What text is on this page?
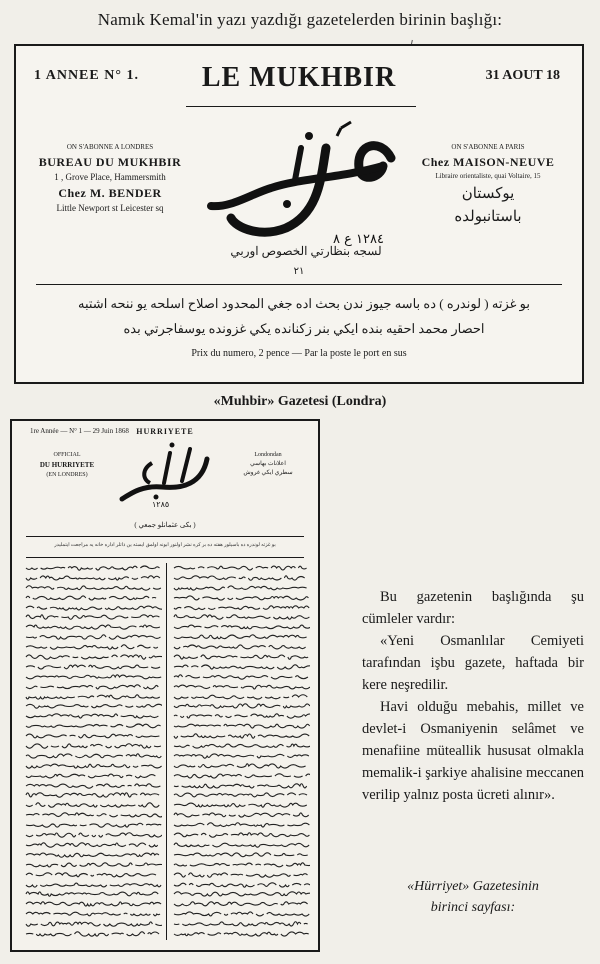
Namık Kemal'in yazı yazdığı gazetelerden birinin başlığı:
1 ANNEE N° 1.	LE MUKHBIR	31 AOUT 18
ON S'ABONNE A LONDRES
BUREAU DU MUKHBIR
1 , Grove Place, Hammersmith
Chez M. BENDER
Little Newport st Leicester sq
ON S'ABONNE A PARIS
Chez MAISON-NEUVE
Libraire orientaliste, quai Voltaire, 15
يوكستان
باستانبولده
١٢٨٤ ع ٨
لسجه بنظارتي الخصوص اوربي
٢١
بو غزته ( لوندره ) ده باسه جيوز ندن بحث اده جغي المحدود اصلاح اسلحه يو ننحه اشتبه
احصار محمد احقيه بنده ايكي بنر زكنانده يكي غزونده يوسفاجرتي بده
Prix du numero, 2 pence — Par la poste le port en sus
«Muhbir» Gazetesi (Londra)
1re Année — N° 1 — 29 Juin 1868 HURRIYETE
OFFICIAL
DU HURRIYETE
(EN LONDRES)
Londondan
اعلانات بهاسي
سطري ايكي غروش
١٢٨٥
( بكى عثمانلو جمعي )
بو غزته لوندره ده باسيلور هفته ده بر کره نشر اولنور ابونه اولمق ايسته ين ذاتلر اداره خانه يه مراجعت ايتمليدر

Bu gazetenin başlığında şu cümleler vardır:

«Yeni Osmanlılar Cemiyeti tarafından işbu gazete, haftada bir kere neşredilir.

Havi olduğu mebahis, millet ve devlet-i Osmaniyenin selâmet ve menafiine müteallik hususat olmakla memalik-i şarkiye ahalisine meccanen verilip yalnız posta ücreti alınır».

«Hürriyet» Gazetesinin
birinci sayfası:
